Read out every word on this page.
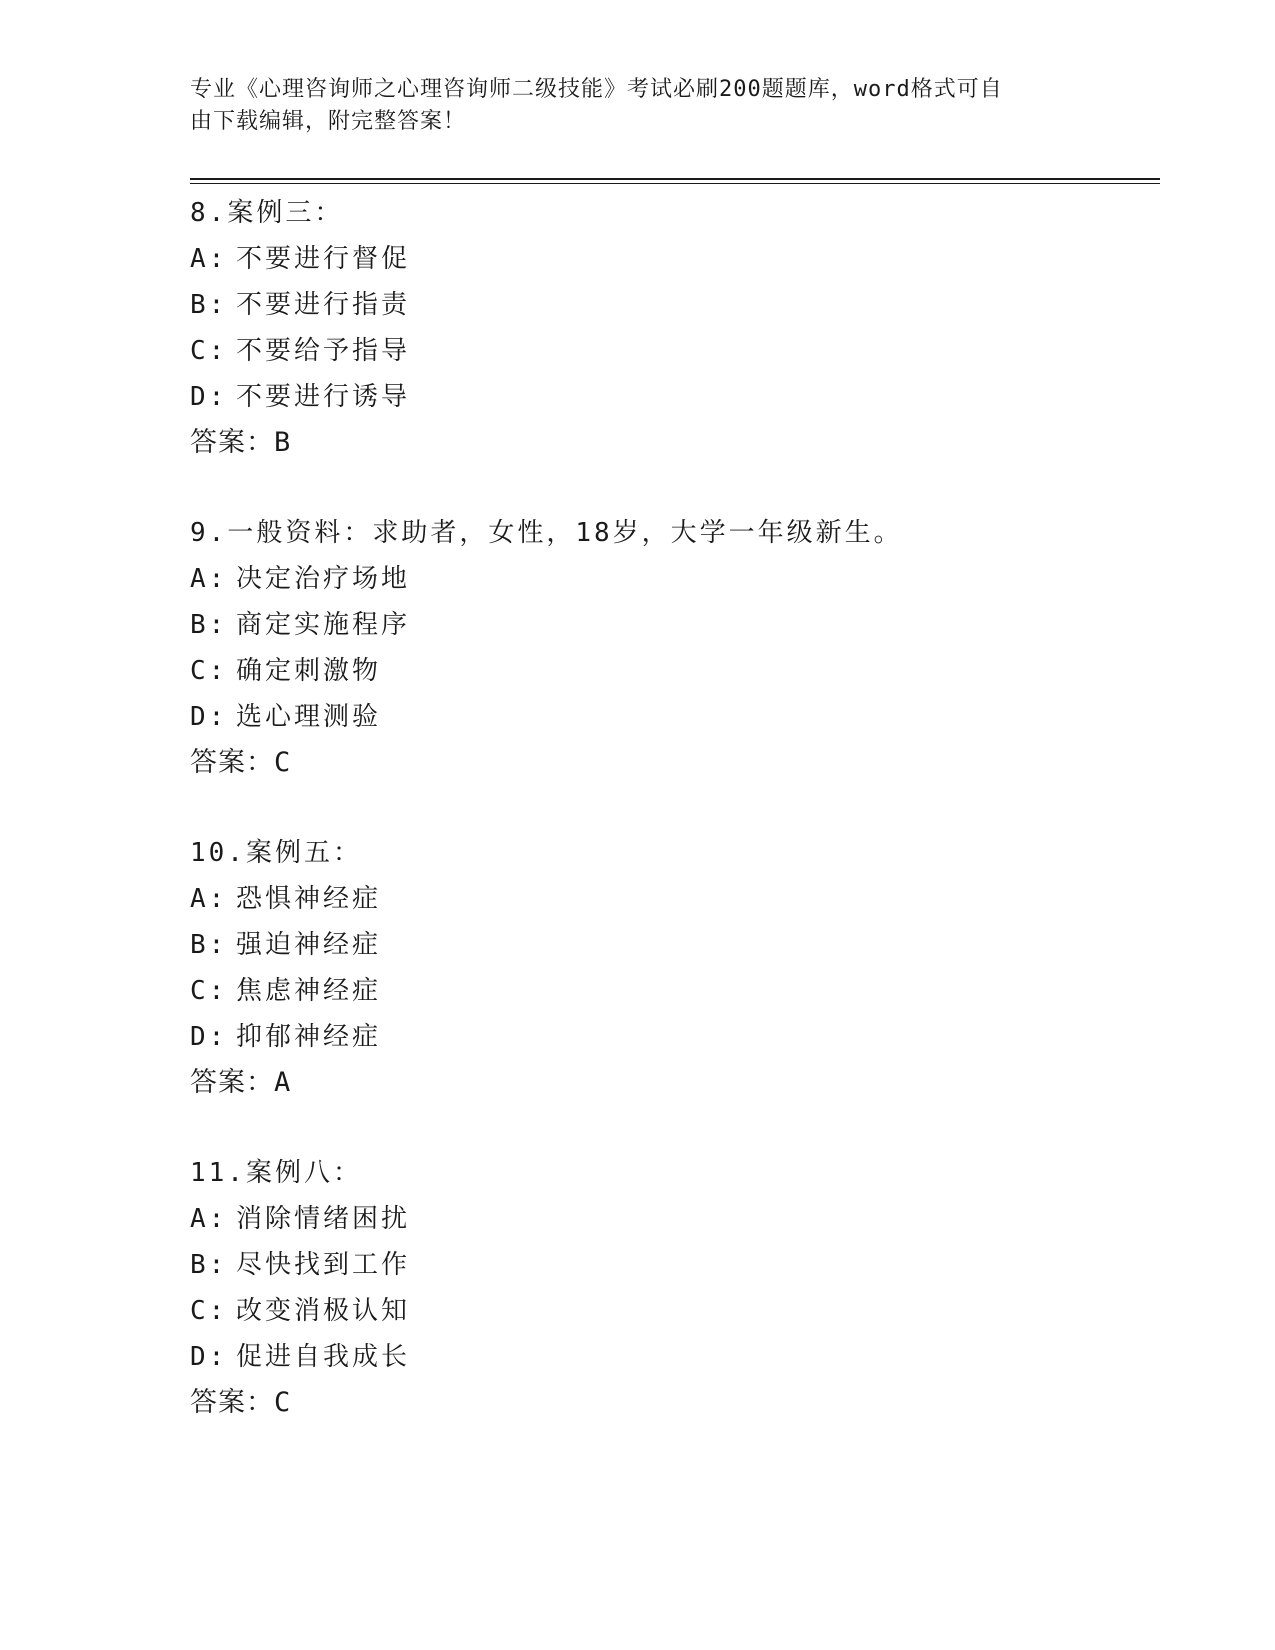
专业《心理咨询师之心理咨询师二级技能》考试必刷200题题库，word格式可自
由下载编辑，附完整答案！
8.案例三：
A: 不要进行督促
B: 不要进行指责
C: 不要给予指导
D: 不要进行诱导
答案：B
9.一般资料：求助者，女性，18岁，大学一年级新生。
A: 决定治疗场地
B: 商定实施程序
C: 确定刺激物
D: 选心理测验
答案：C
10.案例五：
A: 恐惧神经症
B: 强迫神经症
C: 焦虑神经症
D: 抑郁神经症
答案：A
11.案例八：
A: 消除情绪困扰
B: 尽快找到工作
C: 改变消极认知
D: 促进自我成长
答案：C
